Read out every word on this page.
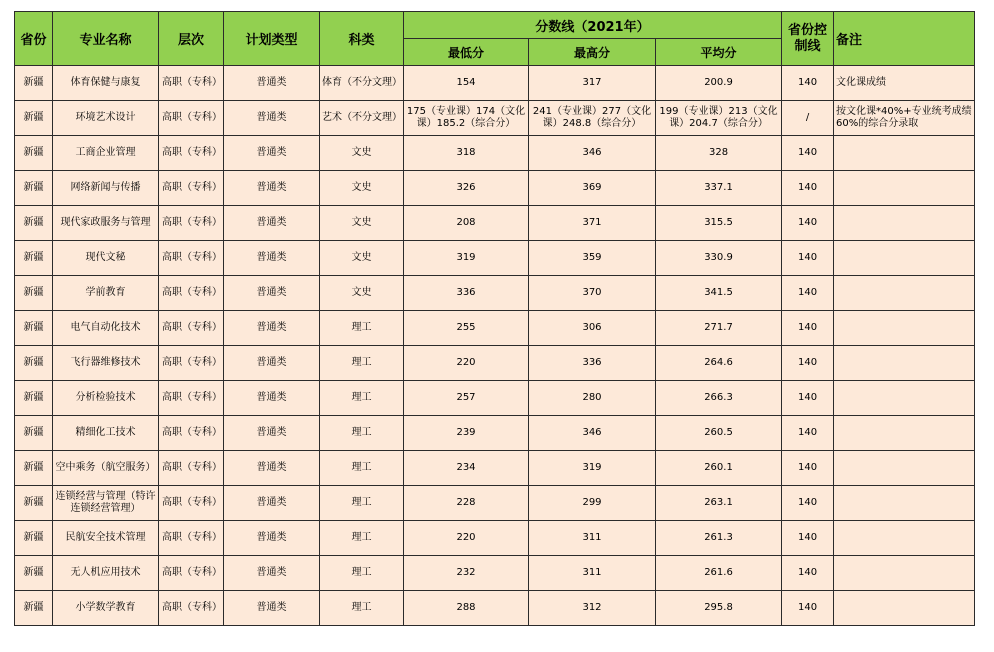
省份	专业名称	层次	计划类型	科类	分数线（2021年）			省份控制线	备注
					最低分	最高分	平均分		
新疆	体育保健与康复	高职（专科）	普通类	体育（不分文理）	154	317	200.9	140	文化课成绩
新疆	环境艺术设计	高职（专科）	普通类	艺术（不分文理）	175（专业课）174（文化课）185.2（综合分）	241（专业课）277（文化课）248.8（综合分）	199（专业课）213（文化课）204.7（综合分）	/	按文化课*40%+专业统考成绩60%的综合分录取
新疆	工商企业管理	高职（专科）	普通类	文史	318	346	328	140	
新疆	网络新闻与传播	高职（专科）	普通类	文史	326	369	337.1	140	
新疆	现代家政服务与管理	高职（专科）	普通类	文史	208	371	315.5	140	
新疆	现代文秘	高职（专科）	普通类	文史	319	359	330.9	140	
新疆	学前教育	高职（专科）	普通类	文史	336	370	341.5	140	
新疆	电气自动化技术	高职（专科）	普通类	理工	255	306	271.7	140	
新疆	飞行器维修技术	高职（专科）	普通类	理工	220	336	264.6	140	
新疆	分析检验技术	高职（专科）	普通类	理工	257	280	266.3	140	
新疆	精细化工技术	高职（专科）	普通类	理工	239	346	260.5	140	
新疆	空中乘务（航空服务）	高职（专科）	普通类	理工	234	319	260.1	140	
新疆	连锁经营与管理（特许连锁经营管理）	高职（专科）	普通类	理工	228	299	263.1	140	
新疆	民航安全技术管理	高职（专科）	普通类	理工	220	311	261.3	140	
新疆	无人机应用技术	高职（专科）	普通类	理工	232	311	261.6	140	
新疆	小学数学教育	高职（专科）	普通类	理工	288	312	295.8	140	
